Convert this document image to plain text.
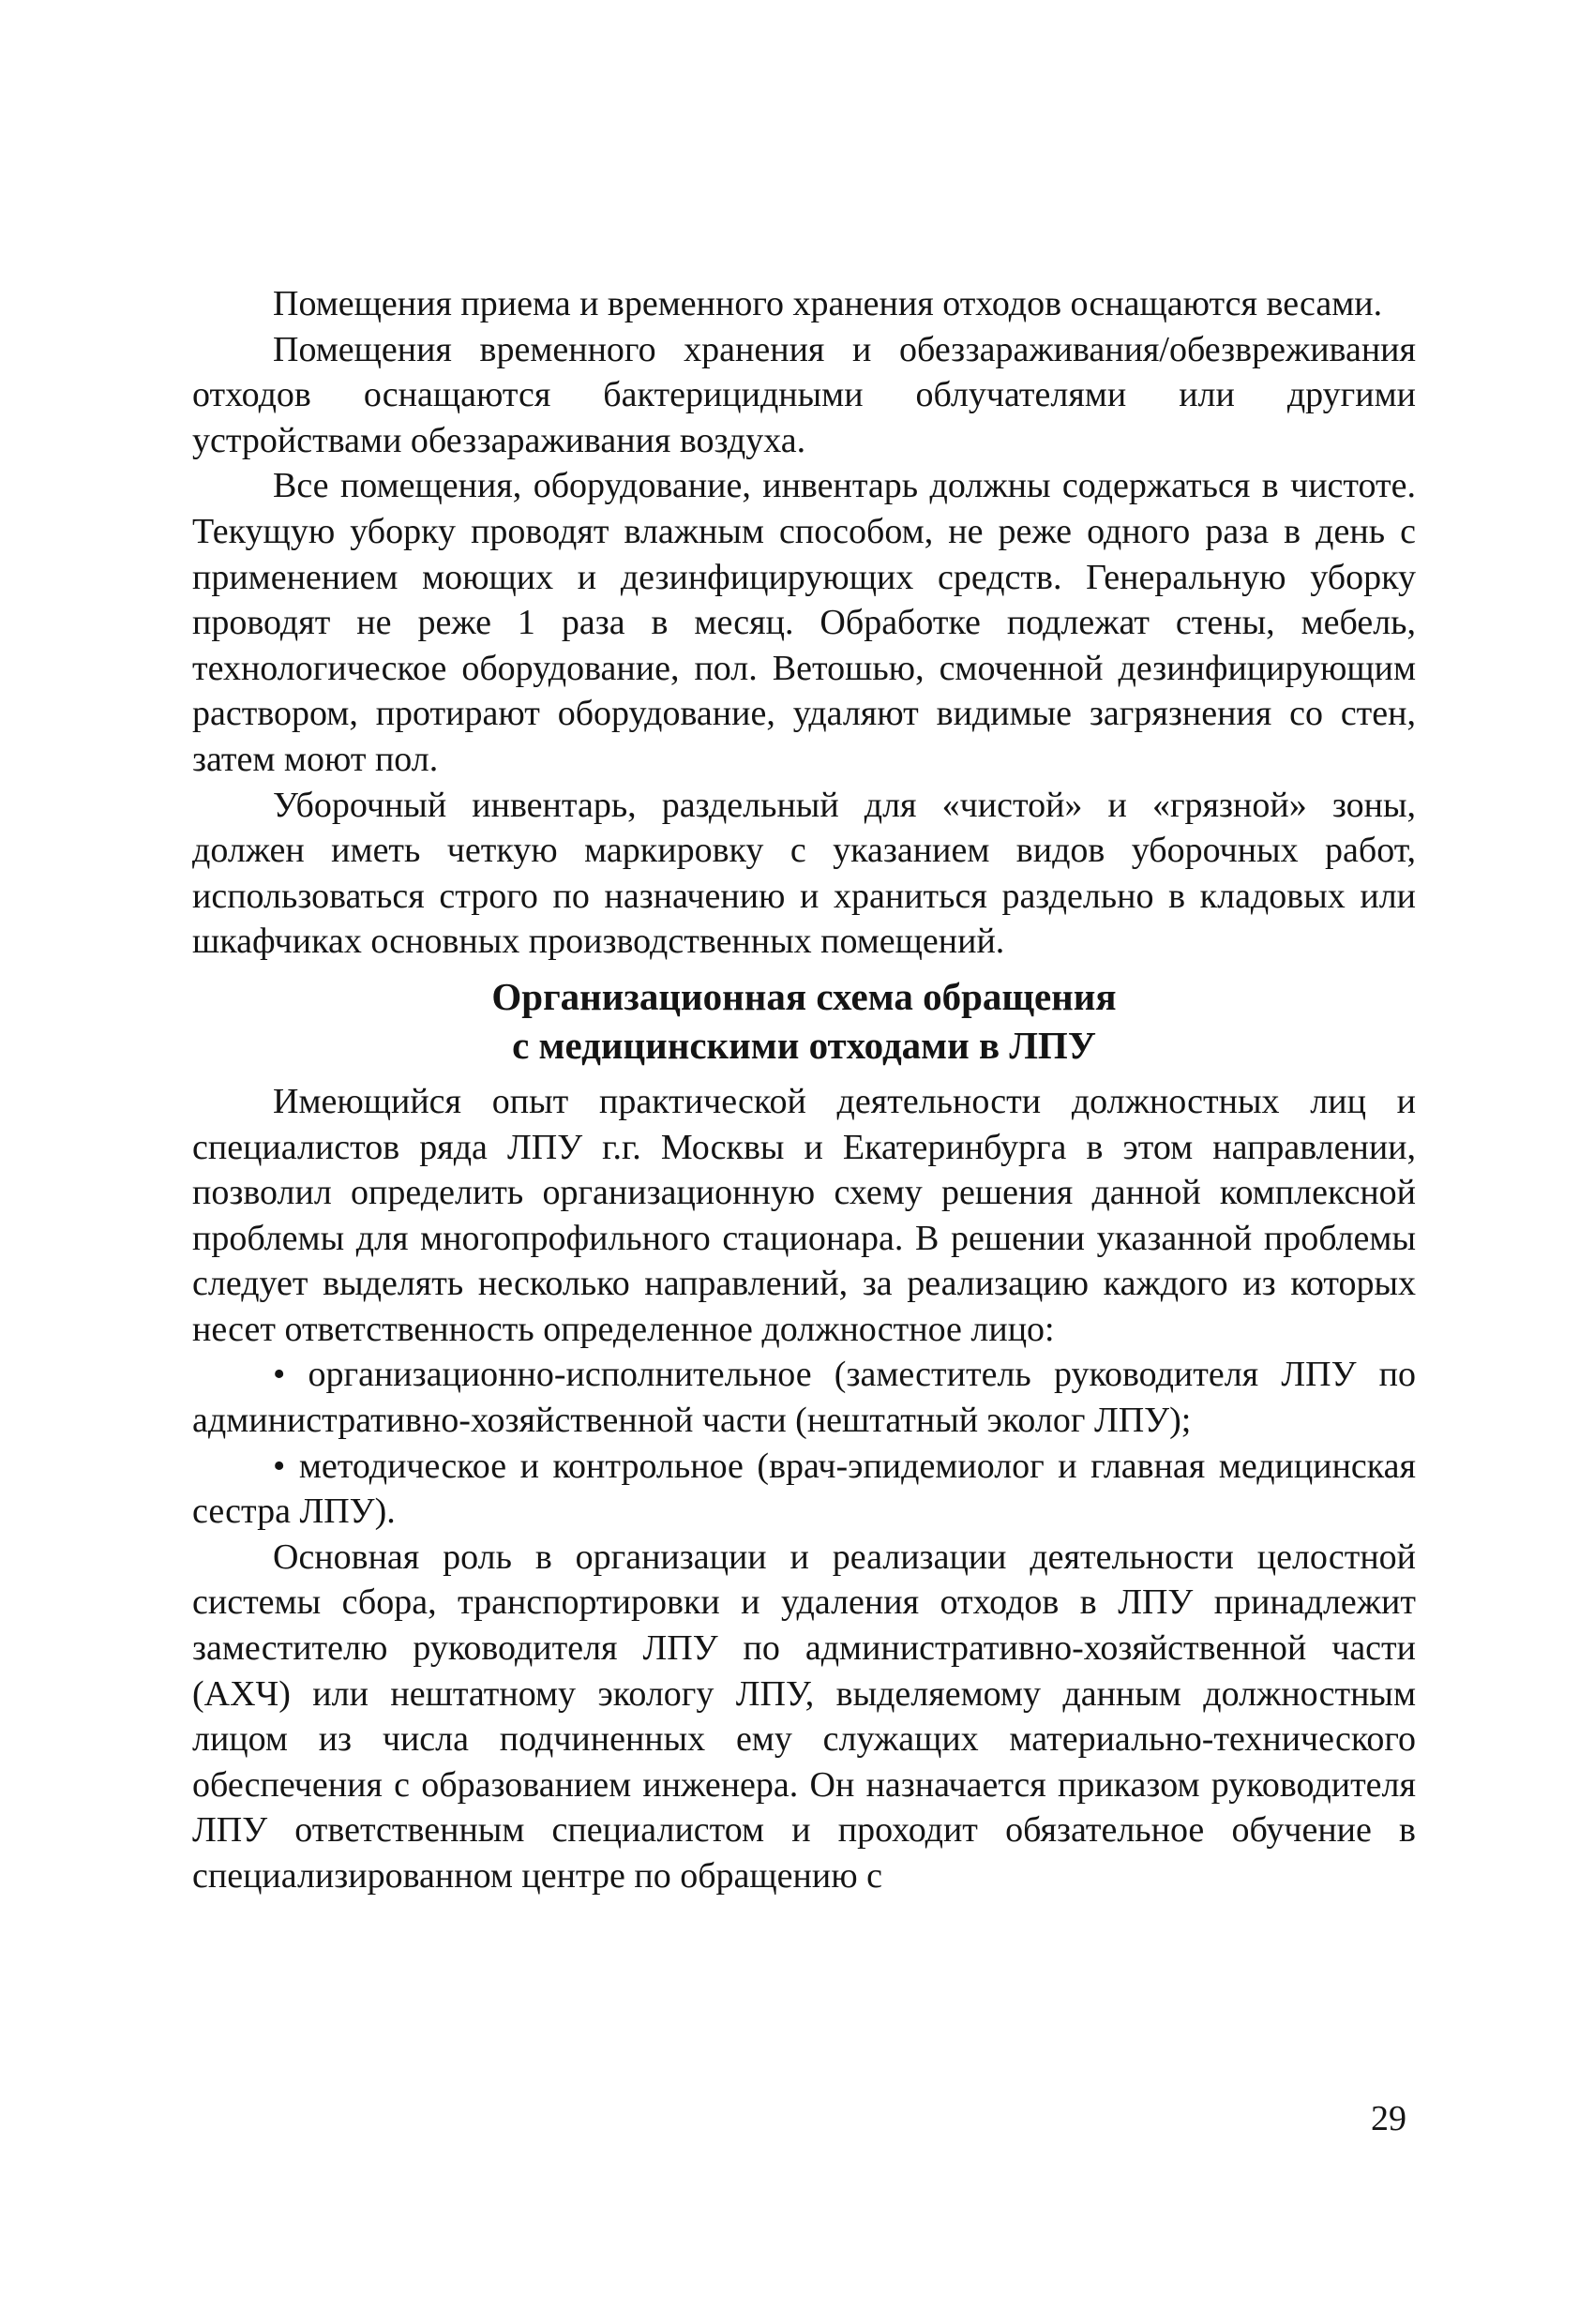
Помещения приема и временного хранения отходов оснащаются весами.

Помещения временного хранения и обеззараживания/обезвреживания отходов оснащаются бактерицидными облучателями или другими устройствами обеззараживания воздуха.

Все помещения, оборудование, инвентарь должны содержаться в чистоте. Текущую уборку проводят влажным способом, не реже одного раза в день с применением моющих и дезинфицирующих средств. Генеральную уборку проводят не реже 1 раза в месяц. Обработке подлежат стены, мебель, технологическое оборудование, пол. Ветошью, смоченной дезинфицирующим раствором, протирают оборудование, удаляют видимые загрязнения со стен, затем моют пол.

Уборочный инвентарь, раздельный для «чистой» и «грязной» зоны, должен иметь четкую маркировку с указанием видов уборочных работ, использоваться строго по назначению и храниться раздельно в кладовых или шкафчиках основных производственных помещений.

Организационная схема обращения
с медицинскими отходами в ЛПУ

Имеющийся опыт практической деятельности должностных лиц и специалистов ряда ЛПУ г.г. Москвы и Екатеринбурга в этом направлении, позволил определить организационную схему решения данной комплексной проблемы для многопрофильного стационара. В решении указанной проблемы следует выделять несколько направлений, за реализацию каждого из которых несет ответственность определенное должностное лицо:

• организационно-исполнительное (заместитель руководителя ЛПУ по административно-хозяйственной части (нештатный эколог ЛПУ);

• методическое и контрольное (врач-эпидемиолог и главная медицинская сестра ЛПУ).

Основная роль в организации и реализации деятельности целостной системы сбора, транспортировки и удаления отходов в ЛПУ принадлежит заместителю руководителя ЛПУ по административно-хозяйственной части (АХЧ) или нештатному экологу ЛПУ, выделяемому данным должностным лицом из числа подчиненных ему служащих материально-технического обеспечения с образованием инженера. Он назначается приказом руководителя ЛПУ ответственным специалистом и проходит обязательное обучение в специализированном центре по обращению с

29
